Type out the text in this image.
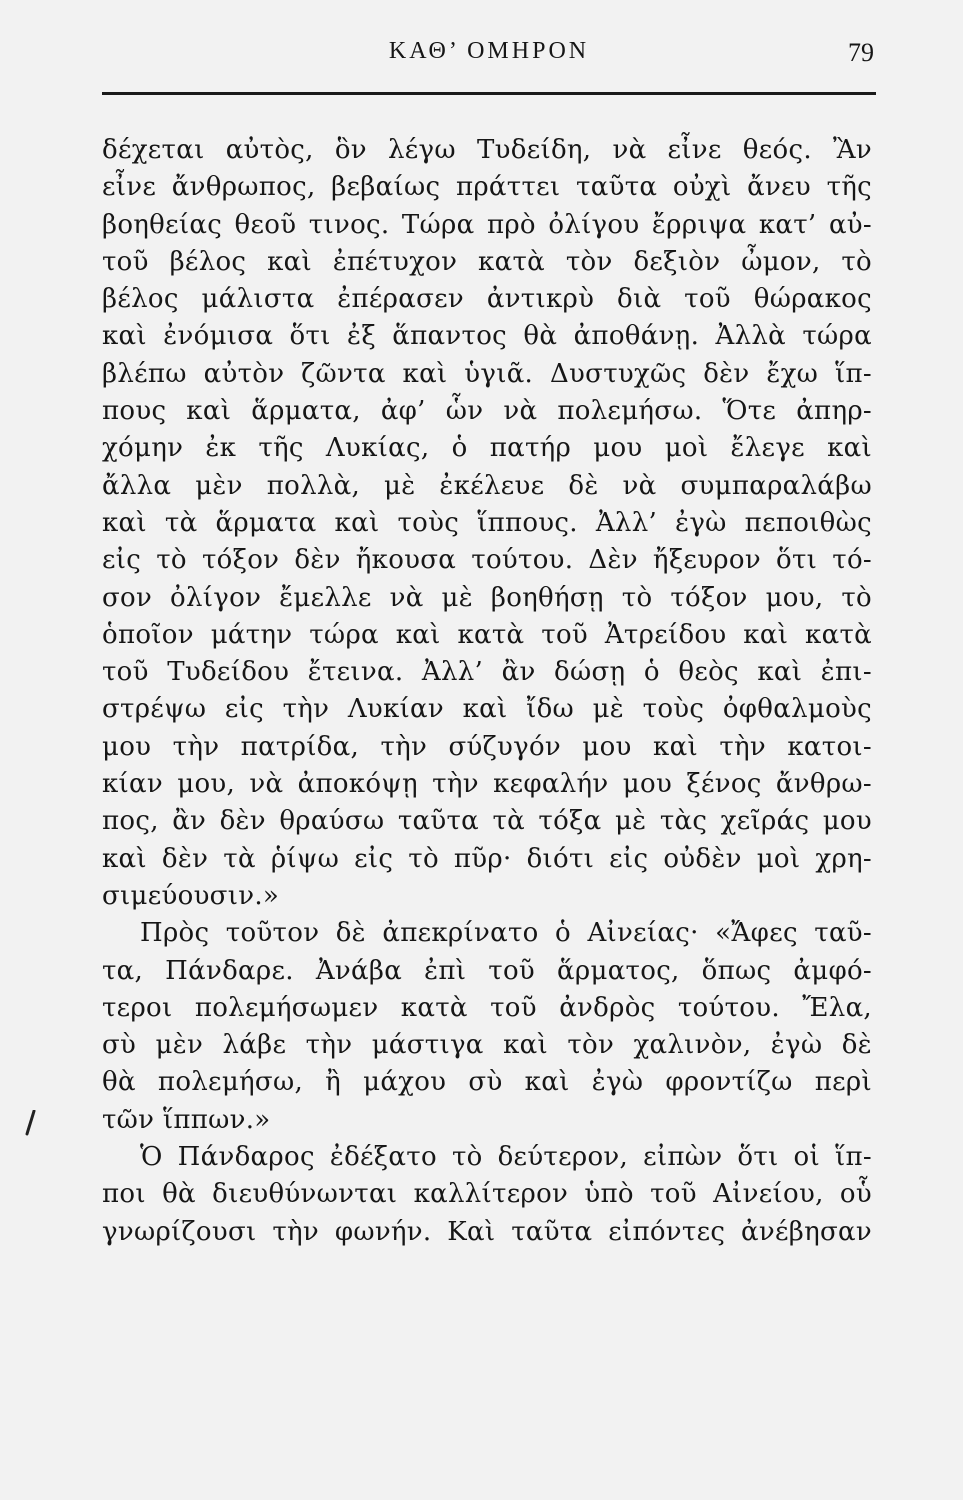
ΚΑΘ’ ΟΜΗΡΟΝ	79
δέχεται αὐτὸς, ὃν λέγω Τυδείδη, νὰ εἶνε θεός. Ἂν
εἶνε ἄνθρωπος, βεβαίως πράττει ταῦτα οὐχὶ ἄνευ τῆς
βοηθείας θεοῦ τινος. Τώρα πρὸ ὀλίγου ἔρριψα κατ’ αὐ-
τοῦ βέλος καὶ ἐπέτυχον κατὰ τὸν δεξιὸν ὦμον, τὸ
βέλος μάλιστα ἐπέρασεν ἀντικρὺ διὰ τοῦ θώρακος
καὶ ἐνόμισα ὅτι ἐξ ἅπαντος θὰ ἀποθάνῃ. Ἀλλὰ τώρα
βλέπω αὐτὸν ζῶντα καὶ ὑγιᾶ. Δυστυχῶς δὲν ἔχω ἵπ-
πους καὶ ἅρματα, ἀφ’ ὧν νὰ πολεμήσω. Ὅτε ἀπηρ-
χόμην ἐκ τῆς Λυκίας, ὁ πατήρ μου μοὶ ἔλεγε καὶ
ἄλλα μὲν πολλὰ, μὲ ἐκέλευε δὲ νὰ συμπαραλάβω
καὶ τὰ ἅρματα καὶ τοὺς ἵππους. Ἀλλ’ ἐγὼ πεποιθὼς
εἰς τὸ τόξον δὲν ἤκουσα τούτου. Δὲν ἤξευρον ὅτι τό-
σον ὀλίγον ἔμελλε νὰ μὲ βοηθήσῃ τὸ τόξον μου, τὸ
ὁποῖον μάτην τώρα καὶ κατὰ τοῦ Ἀτρείδου καὶ κατὰ
τοῦ Τυδείδου ἔτεινα. Ἀλλ’ ἂν δώσῃ ὁ θεὸς καὶ ἐπι-
στρέψω εἰς τὴν Λυκίαν καὶ ἴδω μὲ τοὺς ὀφθαλμοὺς
μου τὴν πατρίδα, τὴν σύζυγόν μου καὶ τὴν κατοι-
κίαν μου, νὰ ἀποκόψῃ τὴν κεφαλήν μου ξένος ἄνθρω-
πος, ἂν δὲν θραύσω ταῦτα τὰ τόξα μὲ τὰς χεῖράς μου
καὶ δὲν τὰ ῥίψω εἰς τὸ πῦρ· διότι εἰς οὐδὲν μοὶ χρη-
σιμεύουσιν.»
Πρὸς τοῦτον δὲ ἀπεκρίνατο ὁ Αἰνείας· «Ἄφες ταῦ-
τα, Πάνδαρε. Ἀνάβα ἐπὶ τοῦ ἅρματος, ὅπως ἀμφό-
τεροι πολεμήσωμεν κατὰ τοῦ ἀνδρὸς τούτου. Ἔλα,
σὺ μὲν λάβε τὴν μάστιγα καὶ τὸν χαλινὸν, ἐγὼ δὲ
θὰ πολεμήσω, ἢ μάχου σὺ καὶ ἐγὼ φροντίζω περὶ
τῶν ἵππων.»
Ὁ Πάνδαρος ἐδέξατο τὸ δεύτερον, εἰπὼν ὅτι οἱ ἵπ-
ποι θὰ διευθύνωνται καλλίτερον ὑπὸ τοῦ Αἰνείου, οὗ
γνωρίζουσι τὴν φωνήν. Καὶ ταῦτα εἰπόντες ἀνέβησαν
